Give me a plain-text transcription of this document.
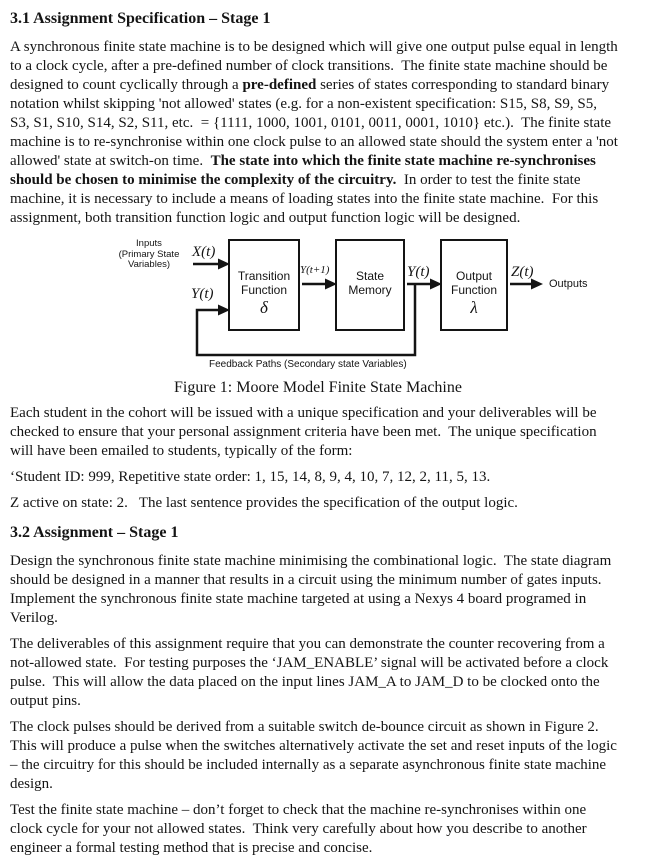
3.1 Assignment Specification – Stage 1
A synchronous finite state machine is to be designed which will give one output pulse equal in length
to a clock cycle, after a pre-defined number of clock transitions.  The finite state machine should be
designed to count cyclically through a pre-defined series of states corresponding to standard binary
notation whilst skipping 'not allowed' states (e.g. for a non-existent specification: S15, S8, S9, S5,
S3, S1, S10, S14, S2, S11, etc.  = {1111, 1000, 1001, 0101, 0011, 0001, 1010} etc.).  The finite state
machine is to re-synchronise within one clock pulse to an allowed state should the system enter a 'not
allowed' state at switch-on time.  The state into which the finite state machine re-synchronises
should be chosen to minimise the complexity of the circuitry.  In order to test the finite state
machine, it is necessary to include a means of loading states into the finite state machine.  For this
assignment, both transition function logic and output function logic will be designed.
Inputs
(Primary State
Variables)
X(t)
Y(t)
Transition
Function
δ
Y(t+1)	State
Memory
Y(t)	Output
Function
λ
Z(t)
Outputs
Feedback Paths (Secondary state Variables)
Figure 1: Moore Model Finite State Machine
Each student in the cohort will be issued with a unique specification and your deliverables will be
checked to ensure that your personal assignment criteria have been met.  The unique specification
will have been emailed to students, typically of the form:
‘Student ID: 999, Repetitive state order: 1, 15, 14, 8, 9, 4, 10, 7, 12, 2, 11, 5, 13.
Z active on state: 2.   The last sentence provides the specification of the output logic.
3.2 Assignment – Stage 1
Design the synchronous finite state machine minimising the combinational logic.  The state diagram
should be designed in a manner that results in a circuit using the minimum number of gates inputs.
Implement the synchronous finite state machine targeted at using a Nexys 4 board programed in
Verilog.
The deliverables of this assignment require that you can demonstrate the counter recovering from a
not-allowed state.  For testing purposes the ‘JAM_ENABLE’ signal will be activated before a clock
pulse.  This will allow the data placed on the input lines JAM_A to JAM_D to be clocked onto the
output pins.
The clock pulses should be derived from a suitable switch de-bounce circuit as shown in Figure 2.
This will produce a pulse when the switches alternatively activate the set and reset inputs of the logic
– the circuitry for this should be included internally as a separate asynchronous finite state machine
design.
Test the finite state machine – don’t forget to check that the machine re-synchronises within one
clock cycle for your not allowed states.  Think very carefully about how you describe to another
engineer a formal testing method that is precise and concise.
